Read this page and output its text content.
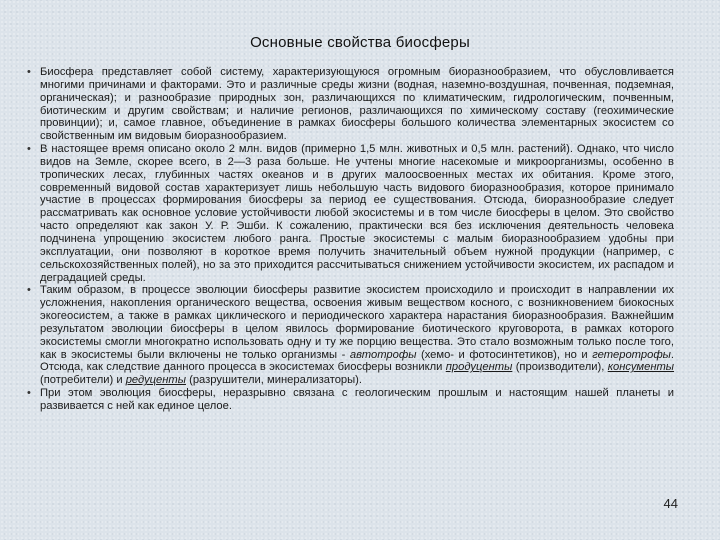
Основные свойства биосферы

• Биосфера представляет собой систему, характеризующуюся огромным биоразнообразием, что обусловливается многими причинами и факторами. Это и различные среды жизни (водная, наземно-воздушная, почвенная, подземная, органическая); и разнообразие природных зон, различающихся по климатическим, гидрологическим, почвенным, биотическим и другим свойствам; и наличие регионов, различающихся по химическому составу (геохимические провинции); и, самое главное, объединение в рамках биосферы большого количества элементарных экосистем со свойственным им видовым биоразнообразием.

• В настоящее время описано около 2 млн. видов (примерно 1,5 млн. животных и 0,5 млн. растений). Однако, что число видов на Земле, скорее всего, в 2—3 раза больше. Не учтены многие насекомые и микроорганизмы, особенно в тропических лесах, глубинных частях океанов и в других малоосвоенных местах их обитания. Кроме этого, современный видовой состав характеризует лишь небольшую часть видового биоразнообразия, которое принимало участие в процессах формирования биосферы за период ее существования. Отсюда, биоразнообразие следует рассматривать как основное условие устойчивости любой экосистемы и в том числе биосферы в целом. Это свойство часто определяют как закон У. Р. Эшби. К сожалению, практически вся без исключения деятельность человека подчинена упрощению экосистем любого ранга. Простые экосистемы с малым биоразнообразием удобны при эксплуатации, они позволяют в короткое время получить значительный объем нужной продукции (например, с сельскохозяйственных полей), но за это приходится рассчитываться снижением устойчивости экосистем, их распадом и деградацией среды.

• Таким образом, в процессе эволюции биосферы развитие экосистем происходило и происходит в направлении их усложнения, накопления органического вещества, освоения живым веществом косного, с возникновением биокосных экогеосистем, а также в рамках циклического и периодического характера нарастания биоразнообразия. Важнейшим результатом эволюции биосферы в целом явилось формирование биотического круговорота, в рамках которого экосистемы смогли многократно использовать одну и ту же порцию вещества. Это стало возможным только после того, как в экосистемы были включены не только организмы - автотрофы (хемо- и фотосинтетиков), но и гетеротрофы. Отсюда, как следствие данного процесса в экосистемах биосферы возникли продуценты (производители), консументы (потребители) и редуценты (разрушители, минерализаторы).

• При этом эволюция биосферы, неразрывно связана с геологическим прошлым и настоящим нашей планеты и развивается с ней как единое целое.

44
